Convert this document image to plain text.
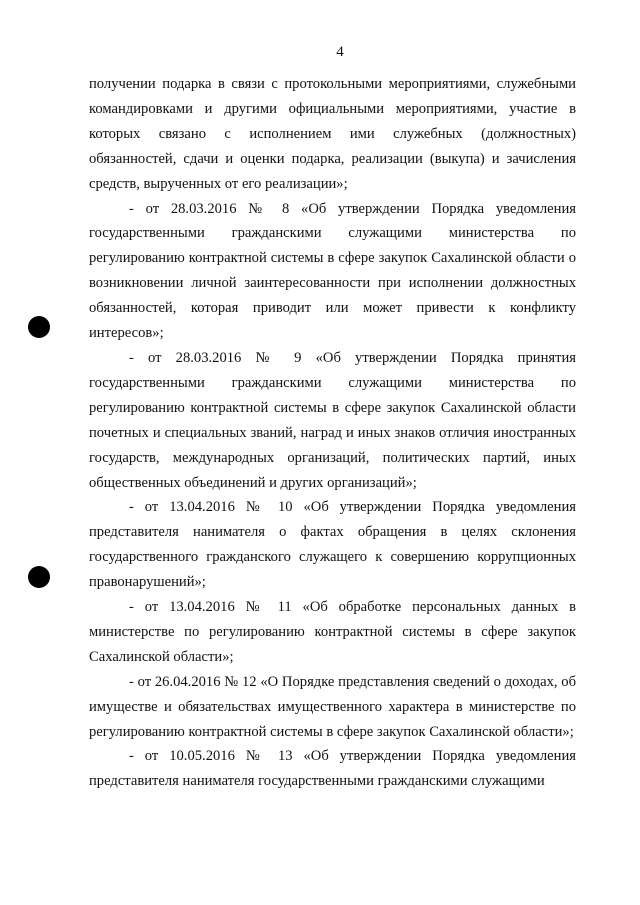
4

получении подарка в связи с протокольными мероприятиями, служебными командировками и другими официальными мероприятиями, участие в которых связано с исполнением ими служебных (должностных) обязанностей, сдачи и оценки подарка, реализации (выкупа) и зачисления средств, вырученных от его реализации»;

- от 28.03.2016 № 8 «Об утверждении Порядка уведомления государственными гражданскими служащими министерства по регулированию контрактной системы в сфере закупок Сахалинской области о возникновении личной заинтересованности при исполнении должностных обязанностей, которая приводит или может привести к конфликту интересов»;

- от 28.03.2016 № 9 «Об утверждении Порядка принятия государственными гражданскими служащими министерства по регулированию контрактной системы в сфере закупок Сахалинской области почетных и специальных званий, наград и иных знаков отличия иностранных государств, международных организаций, политических партий, иных общественных объединений и других организаций»;

- от 13.04.2016 № 10 «Об утверждении Порядка уведомления представителя нанимателя о фактах обращения в целях склонения государственного гражданского служащего к совершению коррупционных правонарушений»;

- от 13.04.2016 № 11 «Об обработке персональных данных в министерстве по регулированию контрактной системы в сфере закупок Сахалинской области»;

- от 26.04.2016 № 12 «О Порядке представления сведений о доходах, об имуществе и обязательствах имущественного характера в министерстве по регулированию контрактной системы в сфере закупок Сахалинской области»;

- от 10.05.2016 № 13 «Об утверждении Порядка уведомления представителя нанимателя государственными гражданскими служащими
